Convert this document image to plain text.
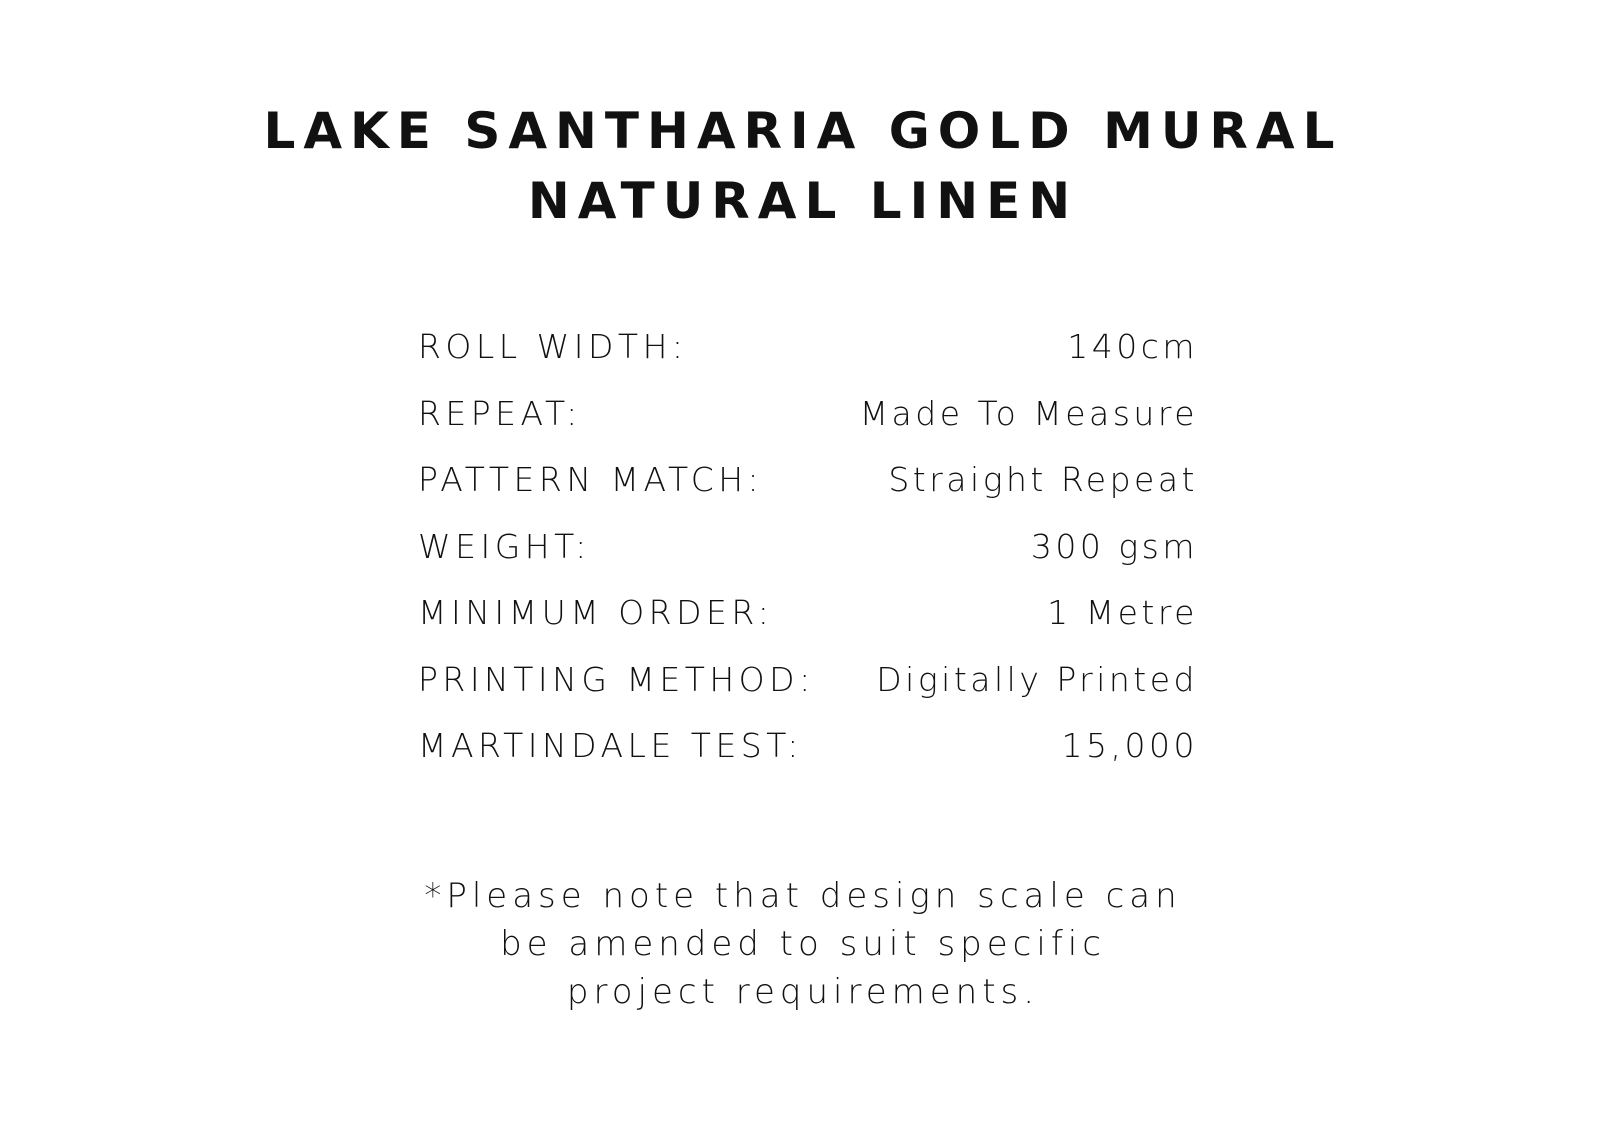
LAKE SANTHARIA GOLD MURAL
NATURAL LINEN
ROLL WIDTH:	140cm
REPEAT:	Made To Measure
PATTERN MATCH:	Straight Repeat
WEIGHT:	300 gsm
MINIMUM ORDER:	1 Metre
PRINTING METHOD: Digitally Printed
MARTINDALE TEST:	15,000
*Please note that design scale can
be amended to suit specific
project requirements.
